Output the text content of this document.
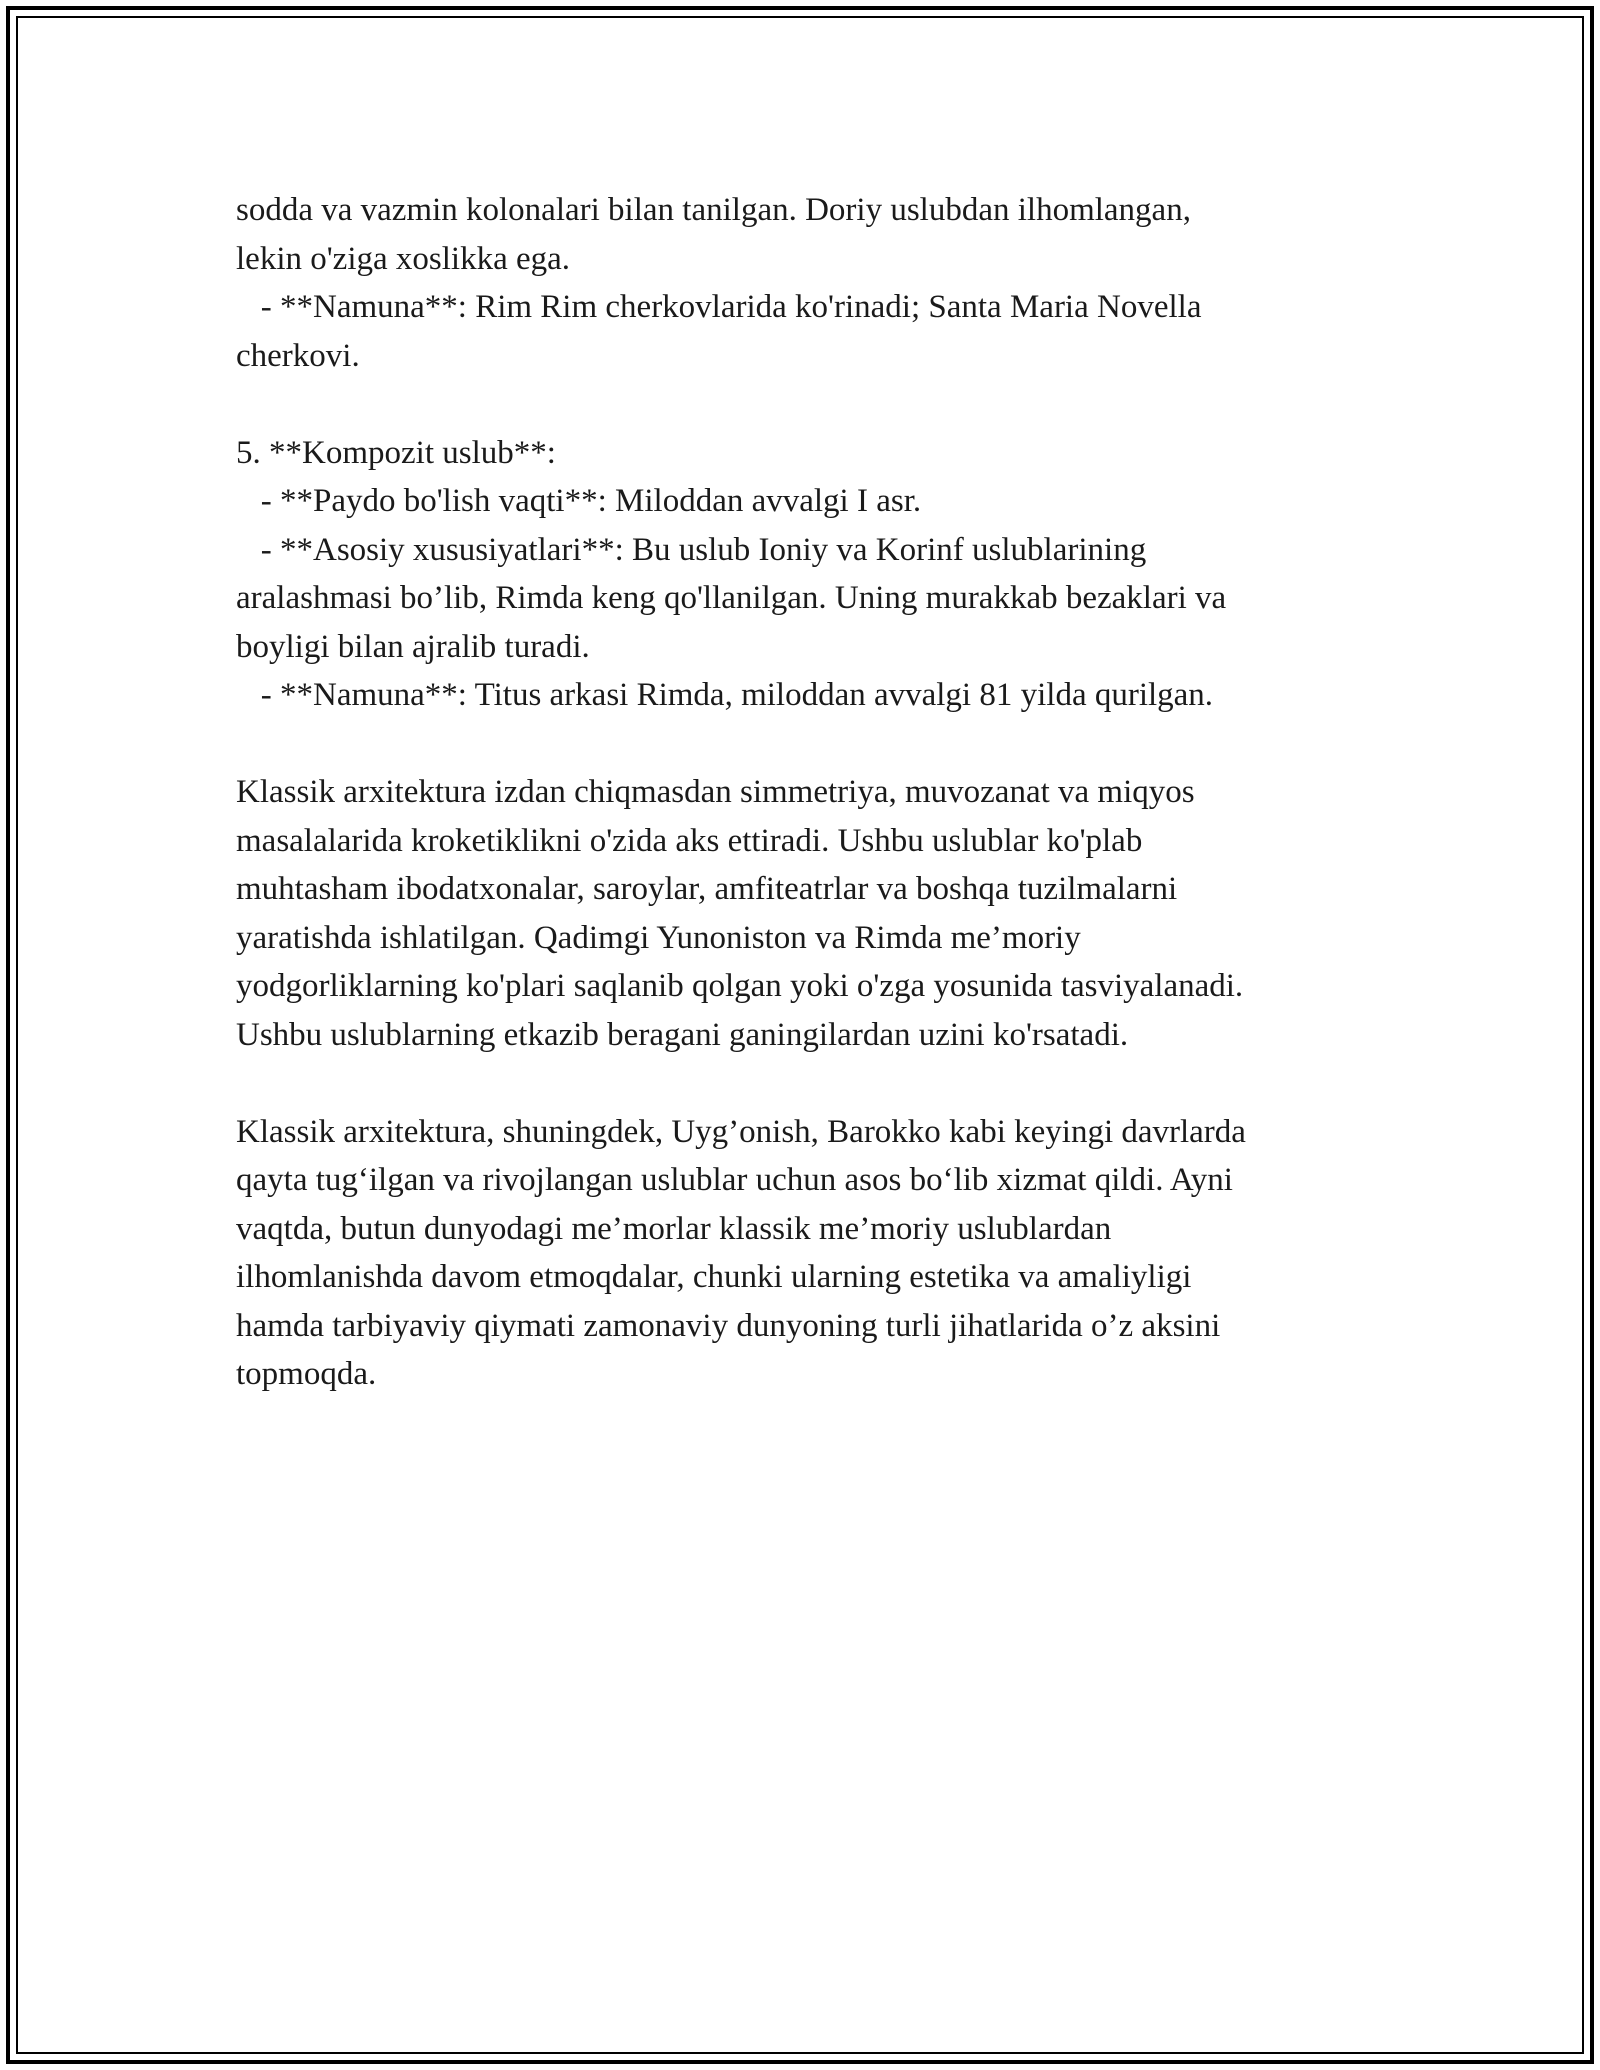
sodda va vazmin kolonalari bilan tanilgan. Doriy uslubdan ilhomlangan,
lekin o'ziga xoslikka ega.
- **Namuna**: Rim Rim cherkovlarida ko'rinadi; Santa Maria Novella
cherkovi.
5. **Kompozit uslub**:
- **Paydo bo'lish vaqti**: Miloddan avvalgi I asr.
- **Asosiy xususiyatlari**: Bu uslub Ioniy va Korinf uslublarining
aralashmasi bo’lib, Rimda keng qo'llanilgan. Uning murakkab bezaklari va
boyligi bilan ajralib turadi.
- **Namuna**: Titus arkasi Rimda, miloddan avvalgi 81 yilda qurilgan.
Klassik arxitektura izdan chiqmasdan simmetriya, muvozanat va miqyos
masalalarida kroketiklikni o'zida aks ettiradi. Ushbu uslublar ko'plab
muhtasham ibodatxonalar, saroylar, amfiteatrlar va boshqa tuzilmalarni
yaratishda ishlatilgan. Qadimgi Yunoniston va Rimda me’moriy
yodgorliklarning ko'plari saqlanib qolgan yoki o'zga yosunida tasviyalanadi.
Ushbu uslublarning etkazib beragani ganingilardan uzini ko'rsatadi.
Klassik arxitektura, shuningdek, Uyg’onish, Barokko kabi keyingi davrlarda
qayta tug‘ilgan va rivojlangan uslublar uchun asos bo‘lib xizmat qildi. Ayni
vaqtda, butun dunyodagi me’morlar klassik me’moriy uslublardan
ilhomlanishda davom etmoqdalar, chunki ularning estetika va amaliyligi
hamda tarbiyaviy qiymati zamonaviy dunyoning turli jihatlarida o’z aksini
topmoqda.
